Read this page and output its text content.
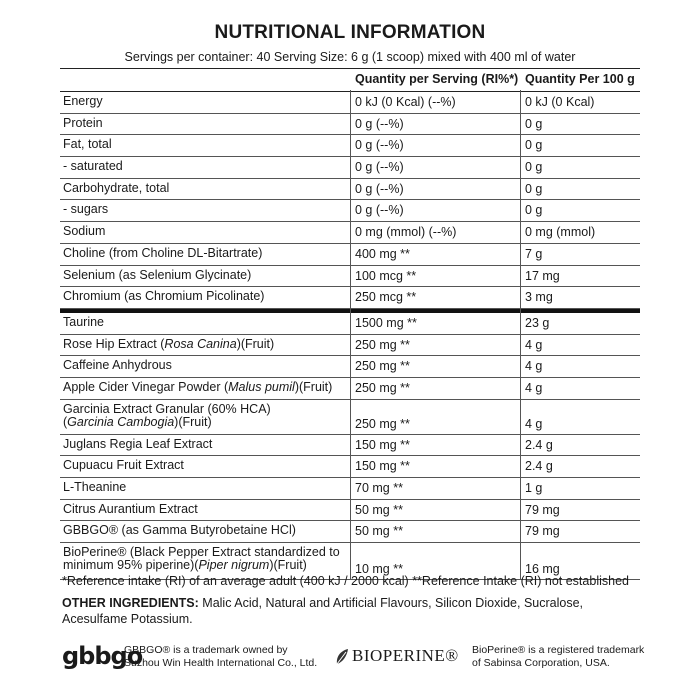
NUTRITIONAL INFORMATION
Servings per container: 40 Serving Size: 6 g (1 scoop) mixed with 400 ml of water
Quantity per Serving (RI%*) Quantity Per 100 g
Energy	0 kJ (0 Kcal) (--%)	0 kJ (0 Kcal)
Protein	0 g (--%)	0 g
Fat, total	0 g (--%)	0 g
- saturated	0 g (--%)	0 g
Carbohydrate, total	0 g (--%)	0 g
- sugars	0 g (--%)	0 g
Sodium	0 mg (mmol) (--%)	0 mg (mmol)
Choline (from Choline DL-Bitartrate)	400 mg **	7 g
Selenium (as Selenium Glycinate)	100 mcg **	17 mg
Chromium (as Chromium Picolinate)	250 mcg **	3 mg
Taurine	1500 mg **	23 g
Rose Hip Extract (Rosa Canina)(Fruit)	250 mg **	4 g
Caffeine Anhydrous	250 mg **	4 g
Apple Cider Vinegar Powder (Malus pumil)(Fruit)	250 mg **	4 g
Garcinia Extract Granular (60% HCA)
(Garcinia Cambogia)(Fruit)	250 mg **	4 g
Juglans Regia Leaf Extract	150 mg **	2.4 g
Cupuacu Fruit Extract	150 mg **	2.4 g
L-Theanine	70 mg **	1 g
Citrus Aurantium Extract	50 mg **	79 mg
GBBGO® (as Gamma Butyrobetaine HCl)	50 mg **	79 mg
BioPerine® (Black Pepper Extract standardized to
minimum 95% piperine)(Piper nigrum)(Fruit)	10 mg **	16 mg
*Reference intake (RI) of an average adult (400 kJ / 2000 kcal) **Reference Intake (RI) not established
OTHER INGREDIENTS: Malic Acid, Natural and Artificial Flavours, Silicon Dioxide, Sucralose, Acesulfame Potassium.
gbbgo
GBBGO® is a trademark owned by Suzhou Win Health International Co., Ltd.	BIOPERINE® BioPerine® is a registered trademark of Sabinsa Corporation, USA.
